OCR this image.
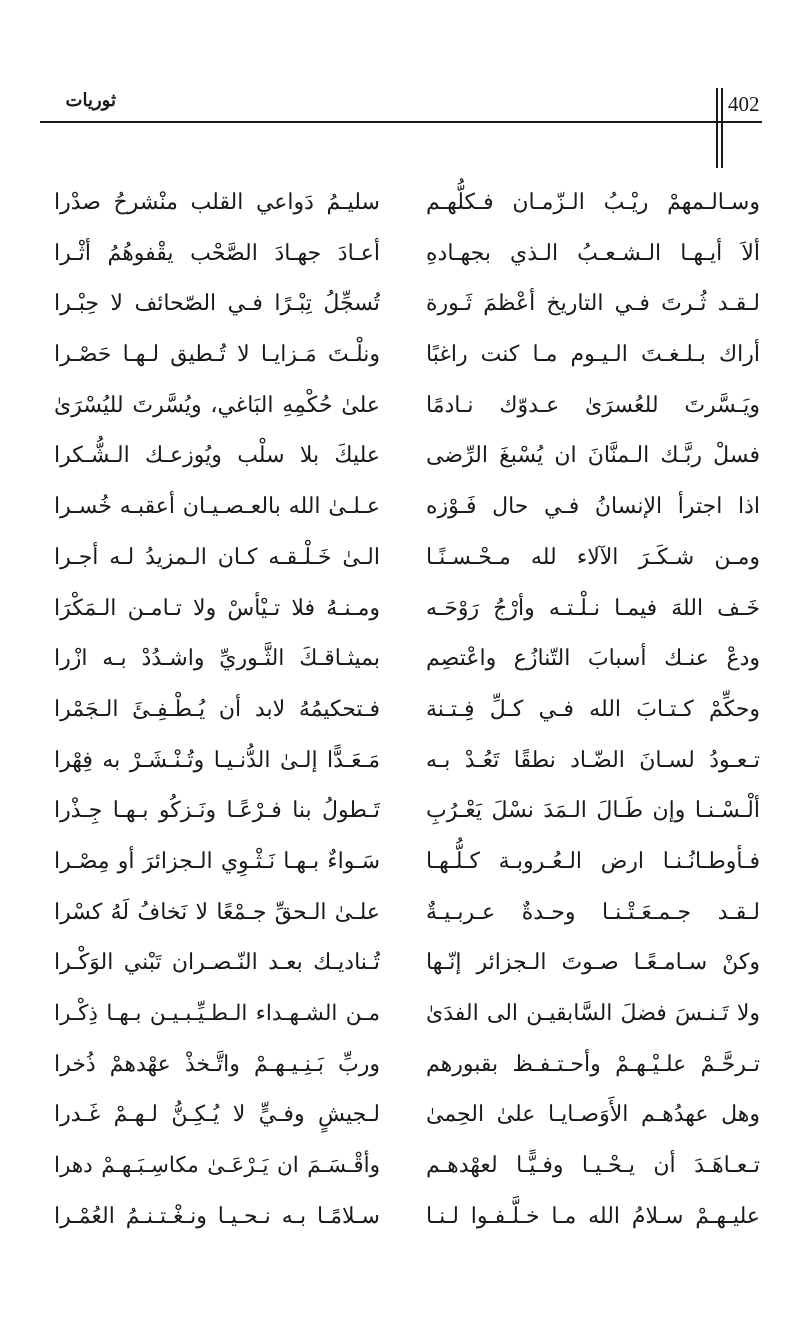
402
ثوريات
وسـالـمهمْ ريْـبُ الـزّمـان فـكلُّهـم
ألاَ أيـهـا الـشـعـبُ الـذي بجهـادهِ
لـقـد ثُـرتَ فـي التاريخ أعْظمَ ثَـورة
أراك بـلـغـتَ الـيـوم مـا كنت راغبًا
ويَـسَّرتَ للعُسرَىٰ عـدوّك نـادمًا
فسلْ ربَّـك الـمنَّانَ ان يُسْبغَ الرِّضى
اذا اجترأ الإنسانُ فـي حال فَـوْزه
ومـن شـكَـرَ الآلاء لله مـحْـسـنًـا
خَـف اللهَ فيمـا نـلْـتـه وأرْجُ رَوْحَـه
ودعْ عنـك أسبابَ التّنازُع واعْتصِم
وحكِّمْ كـتـابَ الله فـي كـلِّ فِـتـنة
تـعـودُ لسـانَ الضّـاد نطقًا تَعُـدْ بـه
ألْـسْـنـا وإن طَـالَ الـمَدَ نسْلَ يَعْـرُبِ
فـأوطـانُـنـا ارض الـعُـروبـة كـلُّـهـا
لـقـد جـمـعَـتْـنـا وحـدةٌ عـربـيـةٌ
وكنْ سـامـعًـا صـوتَ الـجزائر إنّـها
ولا تَـنـسَ فضلَ السَّابقيـن الى الفدَىٰ
تـرحَّـمْ علـيْـهـمْ وأحـتـفـظ بقبورهم
وهل عهدُهـم الأَوَصـايـا علىٰ الحِمىٰ
تـعـاهَـدَ أن يـحْـيـا وفـيًّـا لعهْدهـم
عليـهـمْ سـلامُ الله مـا خـلَّـفـوا لـنـا
سليـمُ دَواعي القلب منْشرحُ صدْرا
أعـادَ جهـادَ الصَّحْب يقْفوهُمُ أثْـرا
تُسجِّلُ تِبْـرًا فـي الصّحائف لا حِبْـرا
ونلْـتَ مَـزايـا لا تُـطيق لـهـا حَصْـرا
علىٰ حُكْمِهِ البَاغي، ويُسَّرتَ لليُسْرَىٰ
عليكَ بلا سلْب ويُوزعـك الـشُّـكرا
عـلـىٰ الله بالعـصـيـان أعقبـه خُسـرا
الـىٰ خَـلْـقـه كـان الـمزيدُ لـه أجـرا
ومـنـهُ فلا تـيْأسْ ولا تـامـن الـمَكْرَا
بميثـاقـكَ الثَّـوريِّ واشـدُدْ بـه ازْرا
فـتحكيمُهُ لابد أن يُـطْـفِـئَ الـجَمْرا
مَـعَـدًّا إلـىٰ الدُّنـيـا وتُـنْـشَـرْ به فِهْرا
تَـطولُ بنا فـرْعًـا ونَـزكُو بـهـا جِـذْرا
سَـواءٌ بـهـا نَـثْـوِي الـجزائرَ أو مِصْـرا
علـىٰ الـحقِّ جـمْعًا لا نَخافُ لَهُ كسْرا
تُـناديـك بعـد النّـصـران تَبْني الوَكْـرا
مـن الشـهـداء الـطـيِّـبـيـن بـهـا ذِكْـرا
وربِّ بَـنِـيـهـمْ واتَّـخذْ عهْدهمْ ذُخرا
لـجيشٍ وفـيٍّ لا يُـكِـنُّ لـهـمْ غَـدرا
وأقْـسَـمَ ان يَـرْعَـىٰ مكاسِـبَـهـمْ دهرا
سـلامًـا بـه نـحـيـا ونـغْـتـنـمُ العُمْـرا
